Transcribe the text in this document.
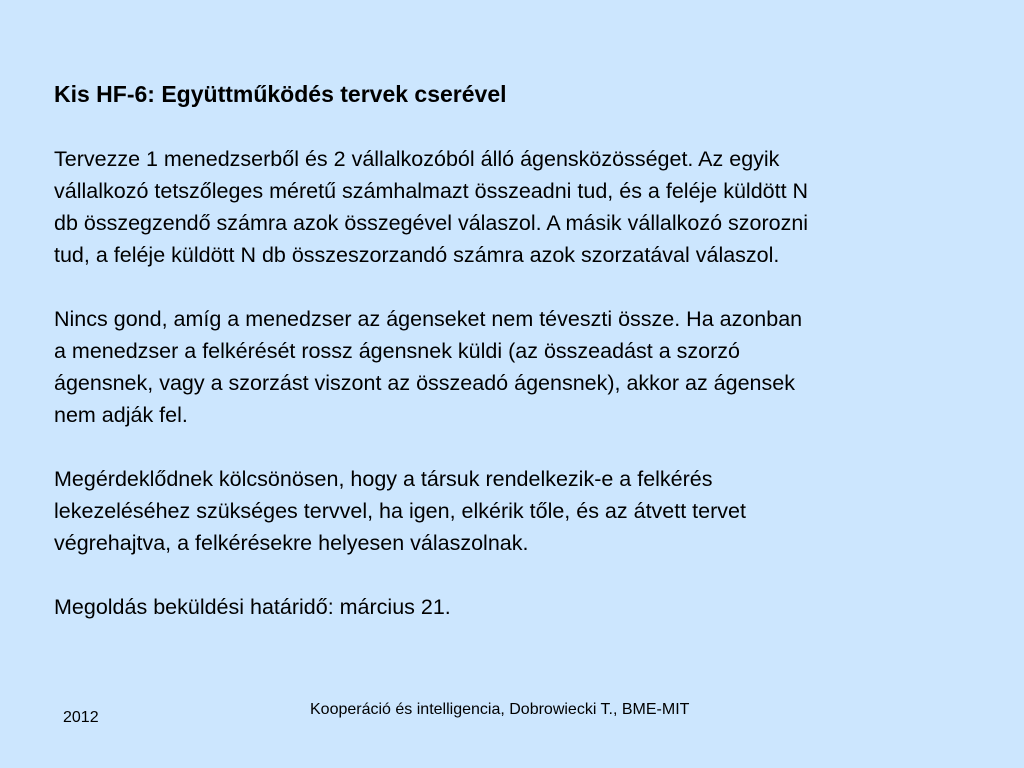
Kis HF-6: Együttműködés tervek cserével

Tervezze 1 menedzserből és 2 vállalkozóból álló ágensközösséget. Az egyik
vállalkozó tetszőleges méretű számhalmazt összeadni tud, és a feléje küldött N
db összegzendő számra azok összegével válaszol. A másik vállalkozó szorozni
tud, a feléje küldött N db összeszorzandó számra azok szorzatával válaszol.

Nincs gond, amíg a menedzser az ágenseket nem téveszti össze. Ha azonban
a menedzser a felkérését rossz ágensnek küldi (az összeadást a szorzó
ágensnek, vagy a szorzást viszont az összeadó ágensnek), akkor az ágensek
nem adják fel.

Megérdeklődnek kölcsönösen, hogy a társuk rendelkezik-e a felkérés
lekezeléséhez szükséges tervvel, ha igen, elkérik tőle, és az átvett tervet
végrehajtva, a felkérésekre helyesen válaszolnak.

Megoldás beküldési határidő: március 21.

2012	Kooperáció és intelligencia, Dobrowiecki T., BME-MIT
